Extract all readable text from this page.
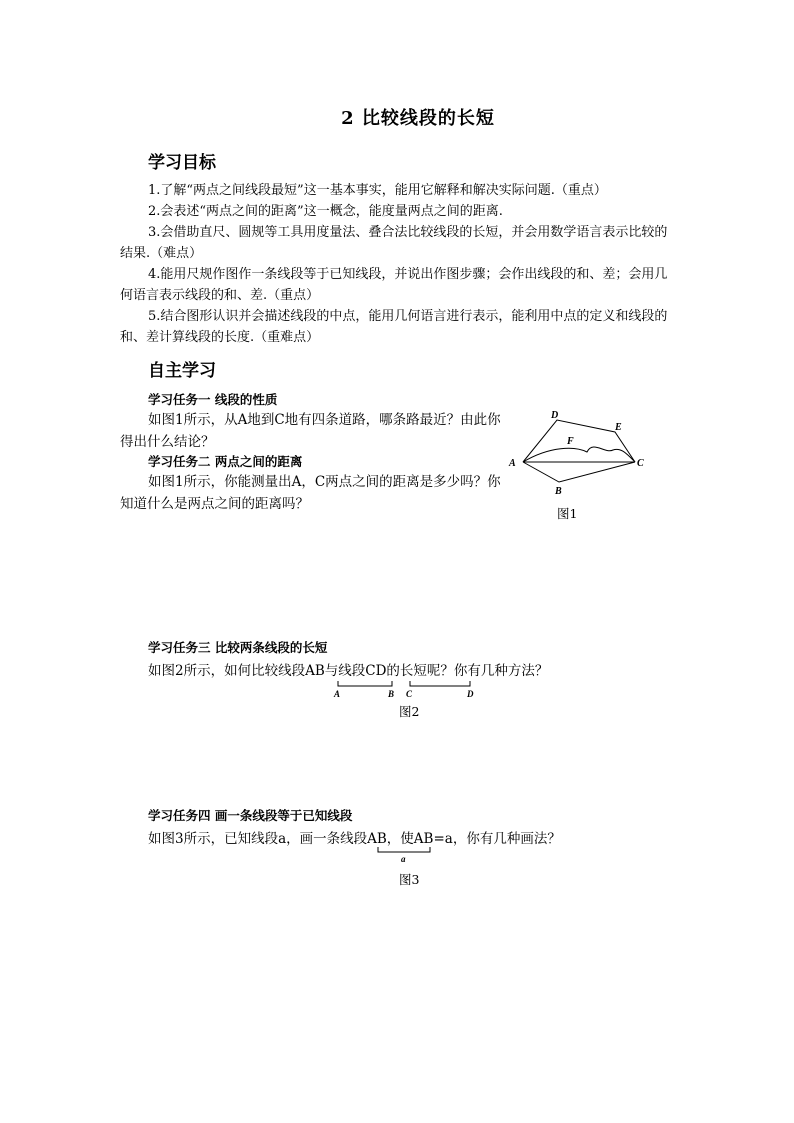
2 比较线段的长短
学习目标
1.了解“两点之间线段最短”这一基本事实，能用它解释和解决实际问题.（重点）
2.会表述“两点之间的距离”这一概念，能度量两点之间的距离.
3.会借助直尺、圆规等工具用度量法、叠合法比较线段的长短，并会用数学语言表示比较的结果.（难点）
4.能用尺规作图作一条线段等于已知线段，并说出作图步骤；会作出线段的和、差；会用几何语言表示线段的和、差.（重点）
5.结合图形认识并会描述线段的中点，能用几何语言进行表示，能利用中点的定义和线段的和、差计算线段的长度.（重难点）
自主学习
学习任务一 线段的性质
如图1所示，从A地到C地有四条道路，哪条路最近？由此你得出什么结论？
学习任务二 两点之间的距离
如图1所示，你能测量出A，C两点之间的距离是多少吗？你知道什么是两点之间的距离吗？
A
B
C
D
E
F
图1
学习任务三 比较两条线段的长短
如图2所示，如何比较线段AB与线段CD的长短呢？你有几种方法？
A	B C	D
图2
学习任务四 画一条线段等于已知线段
如图3所示，已知线段a，画一条线段AB，使AB=a，你有几种画法？
a
图3
